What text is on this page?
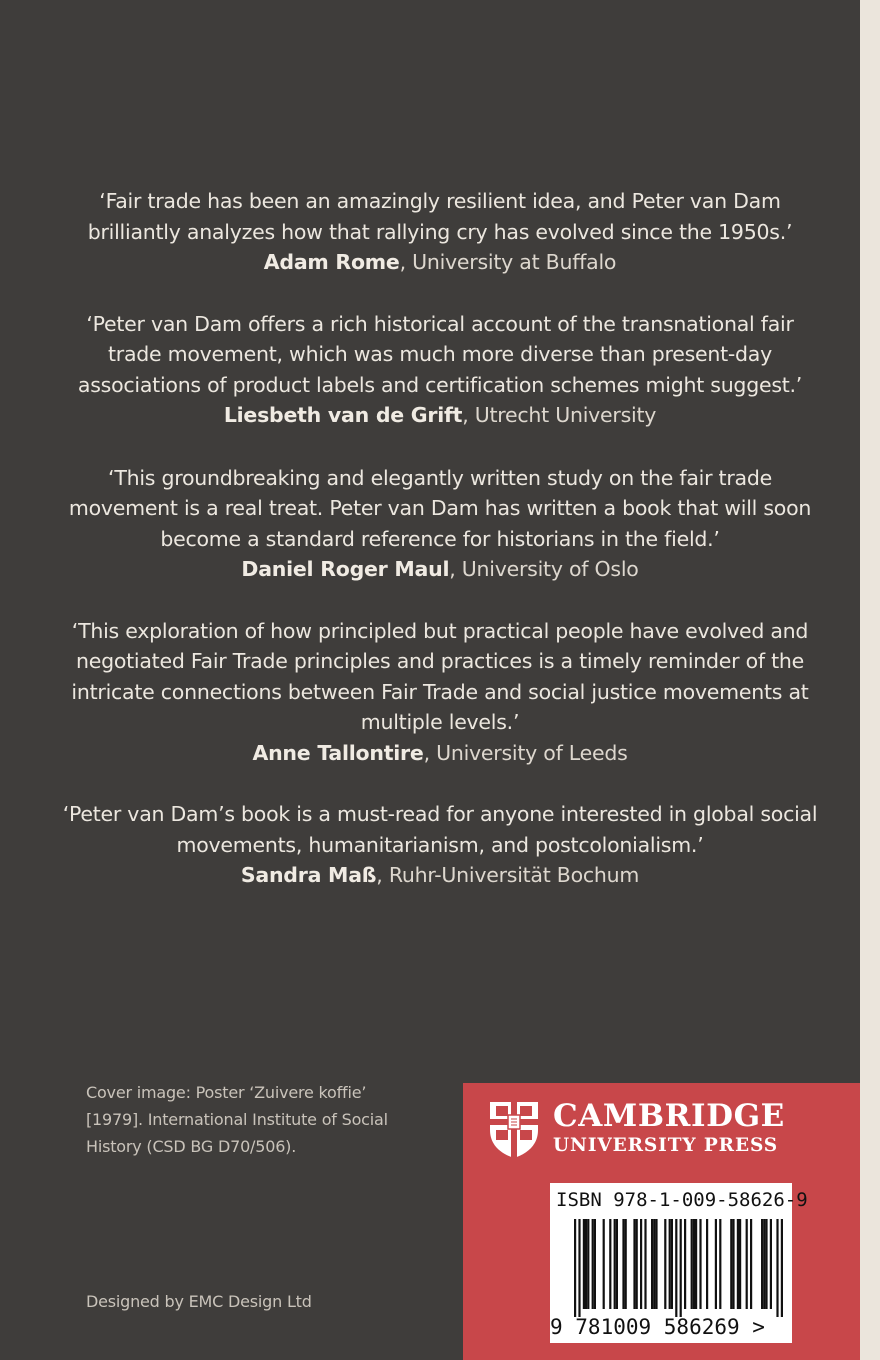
‘Fair trade has been an amazingly resilient idea, and Peter van Dam brilliantly analyzes how that rallying cry has evolved since the 1950s.’
Adam Rome, University at Buffalo
‘Peter van Dam offers a rich historical account of the transnational fair trade movement, which was much more diverse than present-day associations of product labels and certification schemes might suggest.’
Liesbeth van de Grift, Utrecht University
‘This groundbreaking and elegantly written study on the fair trade movement is a real treat. Peter van Dam has written a book that will soon become a standard reference for historians in the field.’
Daniel Roger Maul, University of Oslo
‘This exploration of how principled but practical people have evolved and negotiated Fair Trade principles and practices is a timely reminder of the intricate connections between Fair Trade and social justice movements at multiple levels.’
Anne Tallontire, University of Leeds
‘Peter van Dam’s book is a must-read for anyone interested in global social movements, humanitarianism, and postcolonialism.’
Sandra Maß, Ruhr-Universität Bochum
Cover image: Poster ‘Zuivere koffie’ [1979]. International Institute of Social History (CSD BG D70/506).
Designed by EMC Design Ltd
CAMBRIDGE
UNIVERSITY PRESS
ISBN 978-1-009-58626-9
9 781009 586269 >
